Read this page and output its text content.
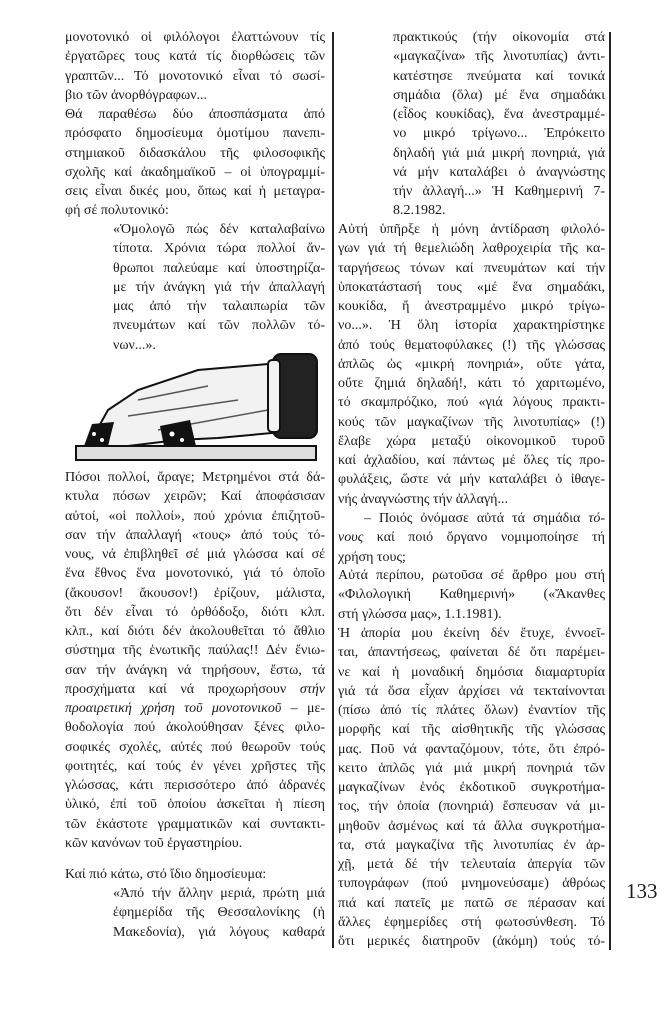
μονοτονικό οἱ φιλόλογοι ἐλαττώνουν τίς
ἐργατῶρες τους κατά τίς διορθώσεις τῶν
γραπτῶν... Τό μονοτονικό εἶναι τό σωσί-
βιο τῶν ἀνορθόγραφων...
Θά παραθέσω δύο ἀποσπάσματα ἀπό
πρόσφατο δημοσίευμα ὁμοτίμου πανεπι-
στημιακοῦ διδασκάλου τῆς φιλοσοφικῆς
σχολῆς καί ἀκαδημαϊκοῦ – οἱ ὑπογραμμί-
σεις εἶναι δικές μου, ὅπως καί ἡ μεταγρα-
φή σέ πολυτονικό:
«Ὁμολογῶ πώς δέν καταλαβαίνω
τίποτα. Χρόνια τώρα πολλοί ἄν-
θρωποι παλεύαμε καί ὑποστηρίζα-
με τήν ἀνάγκη γιά τήν ἀπαλλαγή
μας ἀπό τήν ταλαιπωρία τῶν
πνευμάτων καί τῶν πολλῶν τό-
νων...».
Πόσοι πολλοί, ἄραγε; Μετρημένοι στά δά-
κτυλα πόσων χειρῶν; Καί ἀποφάσισαν
αὐτοί, «οἱ πολλοί», πού χρόνια ἐπιζητοῦ-
σαν τήν ἀπαλλαγή «τους» ἀπό τούς τό-
νους, νά ἐπιβληθεῖ σέ μιά γλώσσα καί σέ
ἕνα ἔθνος ἕνα μονοτονικό, γιά τό ὁποῖο
(ἄκουσον! ἄκουσον!) ἐρίζουν, μάλιστα,
ὅτι δέν εἶναι τό ὀρθόδοξο, διότι κλπ.
κλπ., καί διότι δέν ἀκολουθεῖται τό ἄθλιο
σύστημα τῆς ἑνωτικῆς παύλας!! Δέν ἔνιω-
σαν τήν ἀνάγκη νά τηρήσουν, ἔστω, τά
προσχήματα καί νά προχωρήσουν στήν
προαιρετική χρήση τοῦ μονοτονικοῦ – με-
θοδολογία πού ἀκολούθησαν ξένες φιλο-
σοφικές σχολές, αὐτές πού θεωροῦν τούς
φοιτητές, καί τούς ἐν γένει χρῆστες τῆς
γλώσσας, κάτι περισσότερο ἀπό ἀδρανές
ὑλικό, ἐπί τοῦ ὁποίου ἀσκεῖται ἡ πίεση
τῶν ἑκάστοτε γραμματικῶν καί συντακτι-
κῶν κανόνων τοῦ ἐργαστηρίου.
Καί πιό κάτω, στό ἴδιο δημοσίευμα:
«Ἀπό τήν ἄλλην μεριά, πρώτη μιά
ἐφημερίδα τῆς Θεσσαλονίκης (ἡ
Μακεδονία), γιά λόγους καθαρά
πρακτικούς (τήν οἰκονομία στά
«μαγκαζίνα» τῆς λινοτυπίας) ἀντι-
κατέστησε πνεύματα καί τονικά
σημάδια (ὅλα) μέ ἕνα σημαδάκι
(εἶδος κουκίδας), ἕνα ἀνεστραμμέ-
νο μικρό τρίγωνο... Ἐπρόκειτο
δηλαδή γιά μιά μικρή πονηριά, γιά
νά μήν καταλάβει ὁ ἀναγνώστης
τήν ἀλλαγή...» Ἡ Καθημερινή 7-
8.2.1982.
Αὐτή ὑπῆρξε ἡ μόνη ἀντίδραση φιλολό-
γων γιά τή θεμελιώδη λαθροχειρία τῆς κα-
ταργήσεως τόνων καί πνευμάτων καί τήν
ὑποκατάστασή τους «μέ ἕνα σημαδάκι,
κουκίδα, ἤ ἀνεστραμμένο μικρό τρίγω-
νο...». Ἡ ὅλη ἱστορία χαρακτηρίστηκε
ἀπό τούς θεματοφύλακες (!) τῆς γλώσσας
ἁπλῶς ὡς «μικρή πονηριά», οὔτε γάτα,
οὔτε ζημιά δηλαδή!, κάτι τό χαριτωμένο,
τό σκαμπρόζικο, πού «γιά λόγους πρακτι-
κούς τῶν μαγκαζίνων τῆς λινοτυπίας» (!)
ἔλαβε χώρα μεταξύ οἰκονομικοῦ τυροῦ
καί ἀχλαδίου, καί πάντως μέ ὅλες τίς προ-
φυλάξεις, ὥστε νά μήν καταλάβει ὁ ἰθαγε-
νής ἀναγνώστης τήν ἀλλαγή...
– Ποιός ὀνόμασε αὐτά τά σημάδια τό-
νους καί ποιό ὄργανο νομιμοποίησε τή
χρήση τους;
Αὐτά περίπου, ρωτοῦσα σέ ἄρθρο μου στή
«Φιλολογική Καθημερινή» («Ἄκανθες
στή γλώσσα μας», 1.1.1981).
Ἡ ἀπορία μου ἐκείνη δέν ἔτυχε, ἐννοεῖ-
ται, ἀπαντήσεως, φαίνεται δέ ὅτι παρέμει-
νε καί ἡ μοναδική δημόσια διαμαρτυρία
γιά τά ὅσα εἶχαν ἀρχίσει νά τεκταίνονται
(πίσω ἀπό τίς πλάτες ὅλων) ἐναντίον τῆς
μορφῆς καί τῆς αἰσθητικῆς τῆς γλώσσας
μας. Ποῦ νά φανταζόμουν, τότε, ὅτι ἐπρό-
κειτο ἁπλῶς γιά μιά μικρή πονηριά τῶν
μαγκαζίνων ἑνός ἐκδοτικοῦ συγκροτήμα-
τος, τήν ὁποία (πονηριά) ἔσπευσαν νά μι-
μηθοῦν ἀσμένως καί τά ἄλλα συγκροτήμα-
τα, στά μαγκαζίνα τῆς λινοτυπίας ἐν ἀρ-
χῇ, μετά δέ τήν τελευταία ἀπεργία τῶν
τυπογράφων (πού μνημονεύσαμε) ἀθρόως
πιά καί πατεῖς με πατῶ σε πέρασαν καί
ἄλλες ἐφημερίδες στή φωτοσύνθεση. Τό
ὅτι μερικές διατηροῦν (ἀκόμη) τούς τό-
133
